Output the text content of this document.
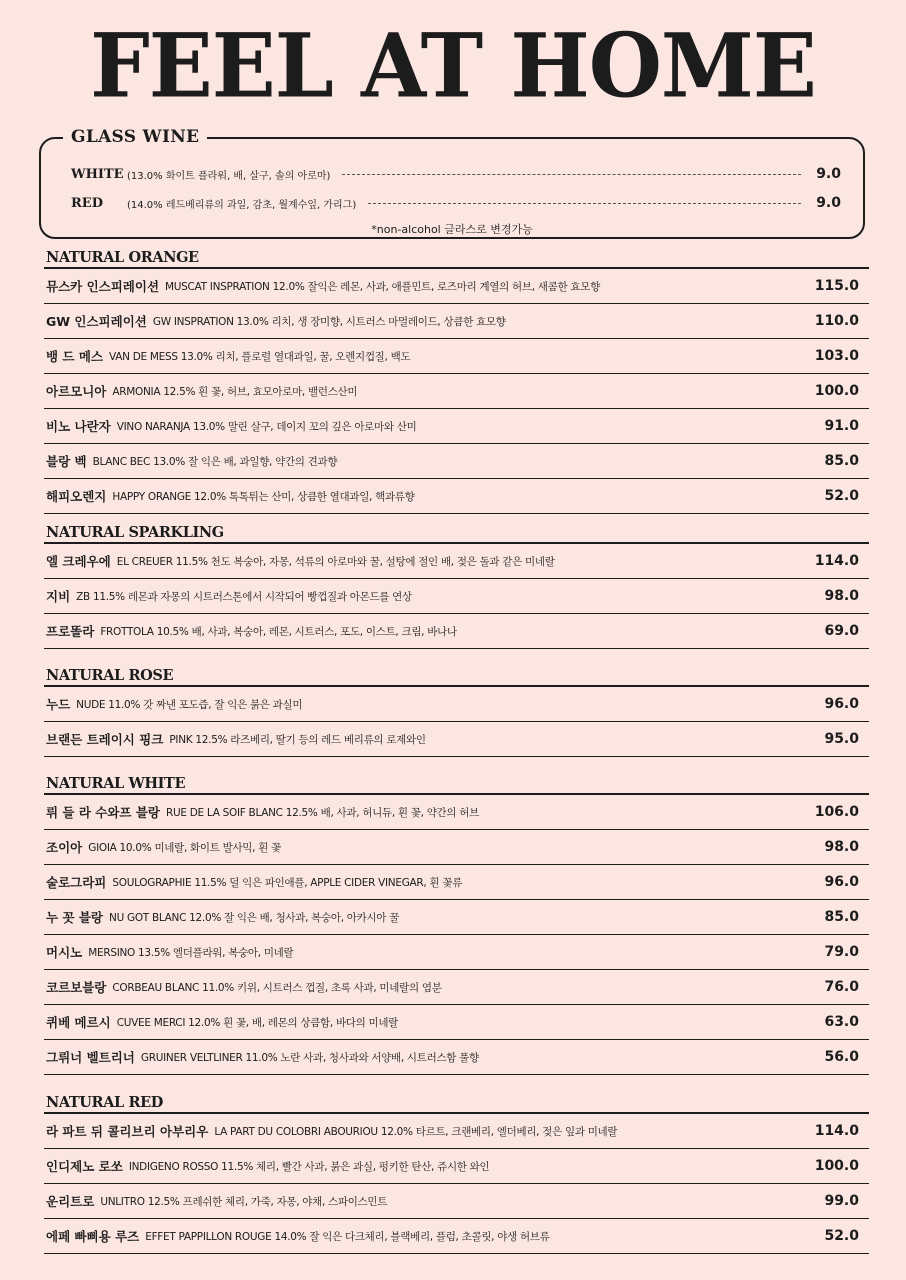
FEEL AT HOME
GLASS WINE
WHITE (13.0% 화이트 플라워, 배, 살구, 솔의 아로마)	9.0
RED	(14.0% 레드베리류의 과일, 감초, 월계수잎, 가리그)	9.0
*non-alcohol 글라스로 변경가능
NATURAL ORANGE
뮤스카 인스피레이션 MUSCAT INSPRATION 12.0% 잘익은 레몬, 사과, 애플민트, 로즈마리 계열의 허브, 새콤한 효모향	115.0
GW 인스피레이션 GW INSPRATION 13.0% 리치, 생 장미향, 시트러스 마멀레이드, 상큼한 효모향	110.0
뱅 드 메스 VAN DE MESS 13.0% 리치, 플로럴 열대과일, 꿀, 오렌지껍질, 백도	103.0
아르모니아 ARMONIA 12.5% 흰 꽃, 허브, 효모아로마, 밸런스산미	100.0
비노 나란자 VINO NARANJA 13.0% 말린 살구, 데이지 꼬의 깊은 아로마와 산미	91.0
블랑 벡 BLANC BEC 13.0% 잘 익은 배, 과일향, 약간의 견과향	85.0
해피오렌지 HAPPY ORANGE 12.0% 톡톡튀는 산미, 상큼한 열대과일, 핵과류향	52.0
NATURAL SPARKLING
엘 크레우에 EL CREUER 11.5% 천도 복숭아, 자몽, 석류의 아로마와 꿀, 설탕에 절인 배, 젖은 돌과 같은 미네랄	114.0
지비 ZB 11.5% 레몬과 자몽의 시트러스톤에서 시작되어 빵껍질과 아몬드를 연상	98.0
프로똘라 FROTTOLA 10.5% 배, 사과, 복숭아, 레몬, 시트러스, 포도, 이스트, 크림, 바나나	69.0
NATURAL ROSE
누드 NUDE 11.0% 갓 짜낸 포도즙, 잘 익은 붉은 과실미	96.0
브랜든 트레이시 핑크 PINK 12.5% 라즈베리, 딸기 등의 레드 베리류의 로제와인	95.0
NATURAL WHITE
뤼 들 라 수와프 블랑 RUE DE LA SOIF BLANC 12.5% 배, 사과, 허니듀, 흰 꽃, 약간의 허브	106.0
조이아 GIOIA 10.0% 미네랄, 화이트 발사믹, 흰 꽃	98.0
술로그라피 SOULOGRAPHIE 11.5% 덜 익은 파인애플, APPLE CIDER VINEGAR, 흰 꽃류	96.0
누 꼿 블랑 NU GOT BLANC 12.0% 잘 익은 배, 청사과, 복숭아, 아카시아 꿀	85.0
머시노 MERSINO 13.5% 엘더플라워, 복숭아, 미네랄	79.0
코르보블랑 CORBEAU BLANC 11.0% 키위, 시트러스 껍질, 초록 사과, 미네랄의 염분	76.0
퀴베 메르시 CUVEE MERCI 12.0% 흰 꽃, 배, 레몬의 상큼함, 바다의 미네랄	63.0
그뤼너 벨트리너 GRUINER VELTLINER 11.0% 노란 사과, 청사과와 서양배, 시트러스함 풀향	56.0
NATURAL RED
라 파트 뒤 콜리브리 아부리우 LA PART DU COLOBRI ABOURIOU 12.0% 타르트, 크랜베리, 엘더베리, 젖은 잎과 미네랄	114.0
인디제노 로쏘 INDIGENO ROSSO 11.5% 체리, 빨간 사과, 붉은 과실, 펑키한 탄산, 쥬시한 와인	100.0
운리트로 UNLITRO 12.5% 프레쉬한 체리, 가죽, 자몽, 야채, 스파이스민트	99.0
에페 빠삐용 루즈 EFFET PAPPILLON ROUGE 14.0% 잘 익은 다크체리, 블랙베리, 플럼, 초콜릿, 야생 허브류	52.0
